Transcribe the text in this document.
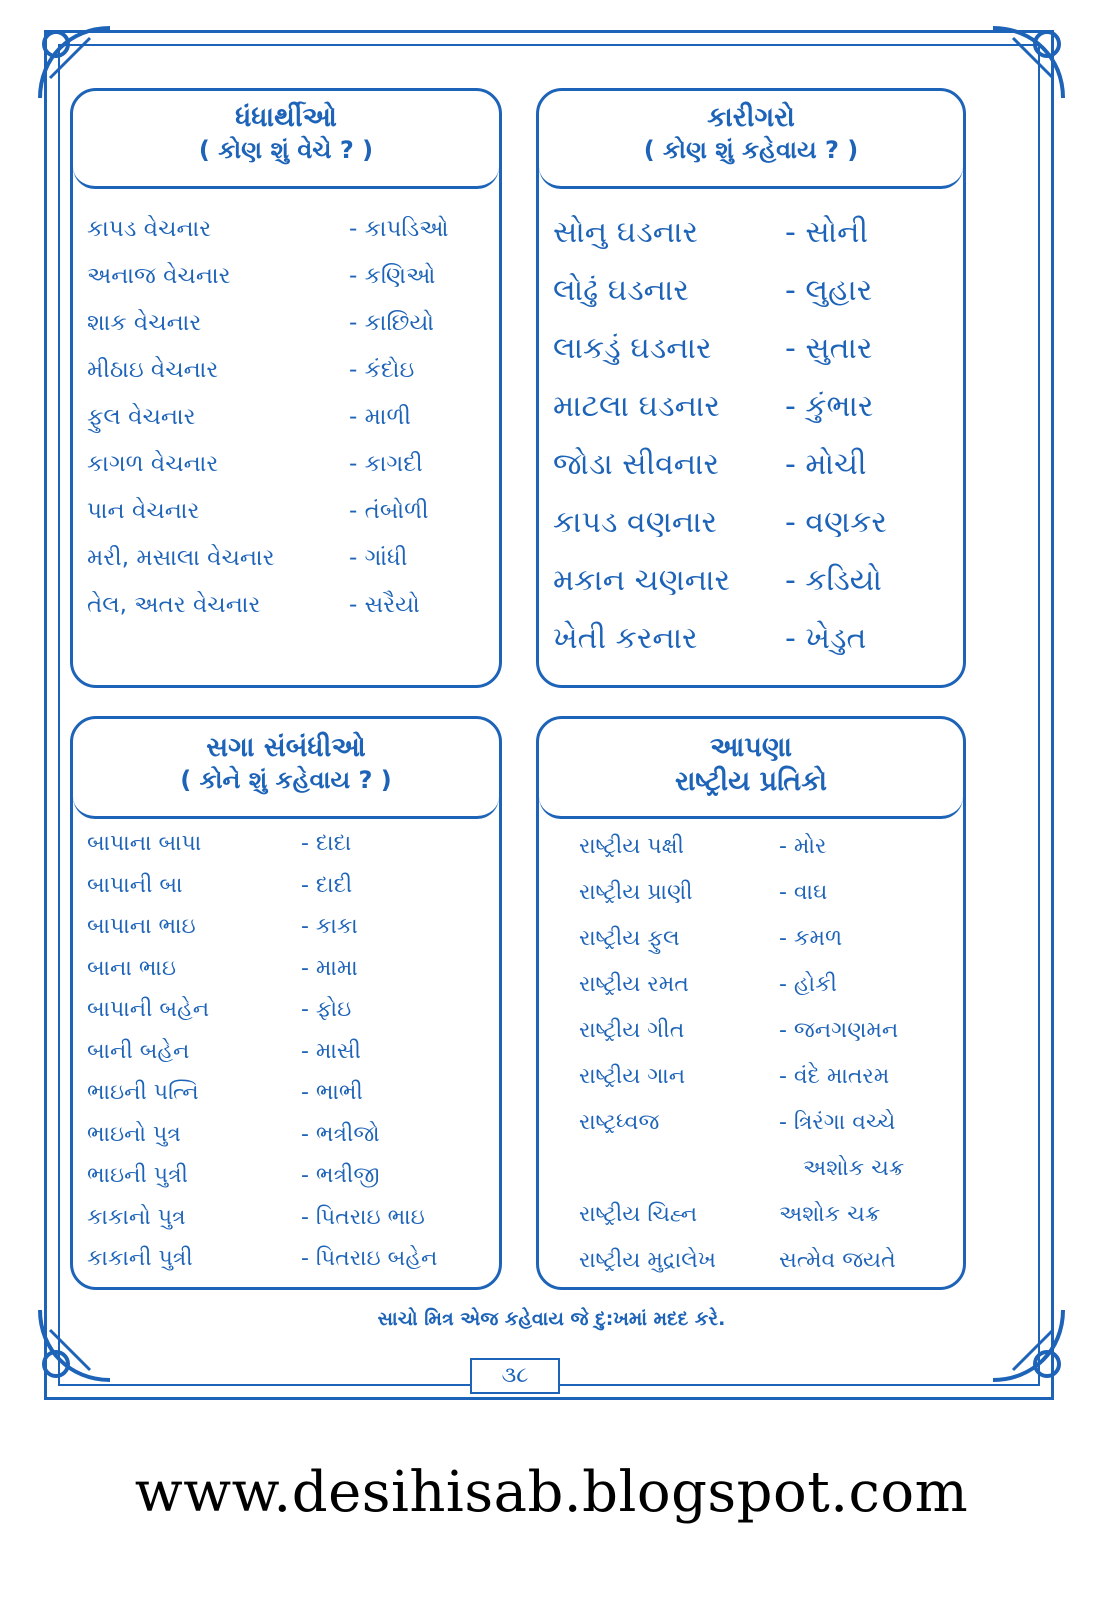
ધંધાર્થીઓ
( કોણ શું વેચે ? )
કાપડ વેચનાર	- કાપડિઓ
અનાજ વેચનાર	- કણિઓ
શાક વેચનાર	- કાછિયો
મીઠાઇ વેચનાર	- કંદોઇ
ફુલ વેચનાર	- માળી
કાગળ વેચનાર	- કાગદી
પાન વેચનાર	- તંબોળી
મરી, મસાલા વેચનાર	- ગાંધી
તેલ, અતર વેચનાર	- સરૈયો
કારીગરો
( કોણ શું કહેવાય ? )
સોનુ ઘડનાર	- સોની
લોઢું ઘડનાર	- લુહાર
લાકડું ઘડનાર	- સુતાર
માટલા ઘડનાર	- કુંભાર
જોડા સીવનાર	- મોચી
કાપડ વણનાર	- વણકર
મકાન ચણનાર	- કડિયો
ખેતી કરનાર	- ખેડુત
સગા સંબંધીઓ
( કોને શું કહેવાય ? )
બાપાના બાપા	- દાદા
બાપાની બા	- દાદી
બાપાના ભાઇ	- કાકા
બાના ભાઇ	- મામા
બાપાની બહેન	- ફોઇ
બાની બહેન	- માસી
ભાઇની પત્નિ	- ભાભી
ભાઇનો પુત્ર	- ભત્રીજો
ભાઇની પુત્રી	- ભત્રીજી
કાકાનો પુત્ર	- પિતરાઇ ભાઇ
કાકાની પુત્રી	- પિતરાઇ બહેન
આપણા
રાષ્ટ્રીય પ્રતિકો
રાષ્ટ્રીય પક્ષી	- મોર
રાષ્ટ્રીય પ્રાણી	- વાઘ
રાષ્ટ્રીય ફુલ	- કમળ
રાષ્ટ્રીય રમત	- હોકી
રાષ્ટ્રીય ગીત	- જનગણમન
રાષ્ટ્રીય ગાન	- વંદે માતરમ
રાષ્ટ્રધ્વજ	- ત્રિરંગા વચ્ચે
અશોક ચક્ર
રાષ્ટ્રીય ચિહ્ન	અશોક ચક્ર
રાષ્ટ્રીય મુદ્રાલેખ	સત્મેવ જયતે
સાચો મિત્ર એજ કહેવાય જે દુ:ખમાં મદદ કરે.
૩૮
www.desihisab.blogspot.com
